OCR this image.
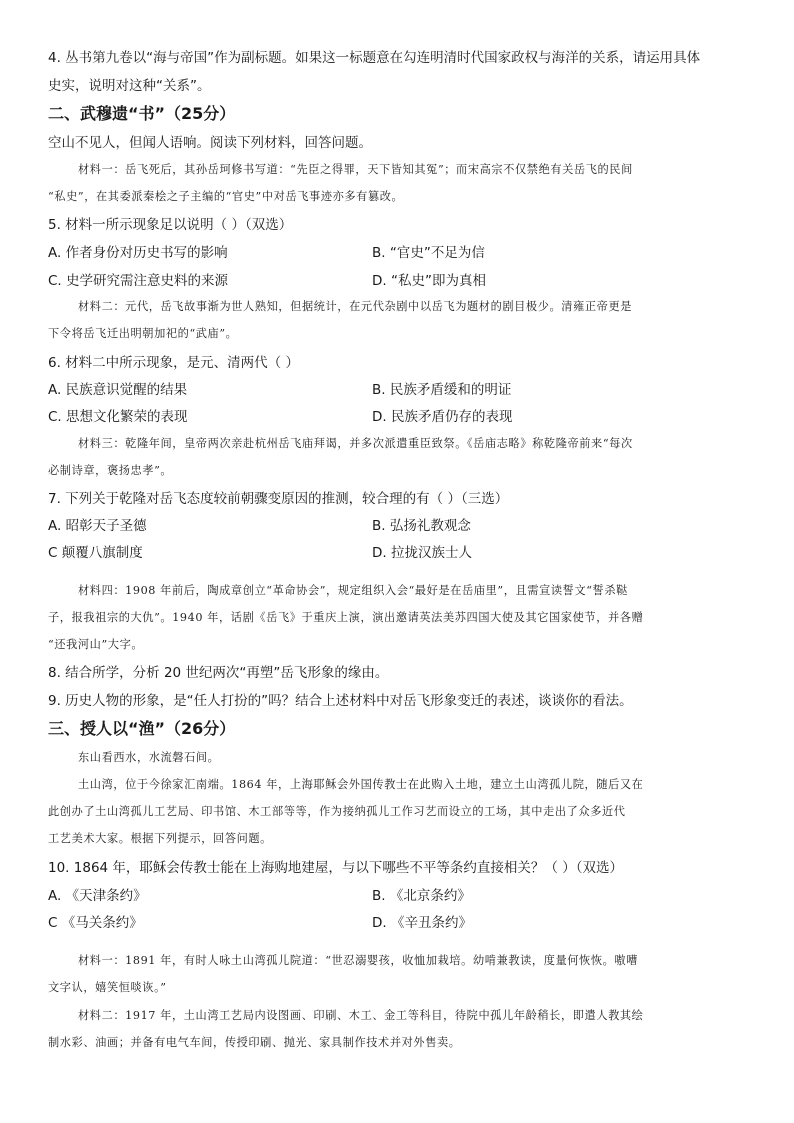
4. 丛书第九卷以“海与帝国”作为副标题。如果这一标题意在勾连明清时代国家政权与海洋的关系，请运用具体
史实，说明对这种“关系”。
二、武穆遗“书”（25分）
空山不见人，但闻人语响。阅读下列材料，回答问题。
材料一：岳飞死后，其孙岳珂修书写道：“先臣之得罪，天下皆知其冤”；而宋高宗不仅禁绝有关岳飞的民间
“私史”，在其委派秦桧之子主编的“官史”中对岳飞事迹亦多有篡改。
5. 材料一所示现象足以说明（ ）（双选）
A. 作者身份对历史书写的影响	B. “官史”不足为信
C. 史学研究需注意史料的来源	D. “私史”即为真相
材料二：元代，岳飞故事渐为世人熟知，但据统计，在元代杂剧中以岳飞为题材的剧目极少。清雍正帝更是
下令将岳飞迁出明朝加祀的“武庙”。
6. 材料二中所示现象，是元、清两代（ ）
A. 民族意识觉醒的结果	B. 民族矛盾缓和的明证
C. 思想文化繁荣的表现	D. 民族矛盾仍存的表现
材料三：乾隆年间，皇帝两次亲赴杭州岳飞庙拜谒，并多次派遣重臣致祭。《岳庙志略》称乾隆帝前来“每次
必制诗章，褒扬忠孝”。
7. 下列关于乾隆对岳飞态度较前朝骤变原因的推测，较合理的有（ ）（三选）
A. 昭彰天子圣德	B. 弘扬礼教观念
C 颠覆八旗制度	D. 拉拢汉族士人
材料四：1908 年前后，陶成章创立“革命协会”，规定组织入会“最好是在岳庙里”，且需宣读誓文“誓杀鞑
子，报我祖宗的大仇”。1940 年，话剧《岳飞》于重庆上演，演出邀请英法美苏四国大使及其它国家使节，并各赠
“还我河山”大字。
8. 结合所学，分析 20 世纪两次“再塑”岳飞形象的缘由。
9. 历史人物的形象，是“任人打扮的”吗？结合上述材料中对岳飞形象变迁的表述，谈谈你的看法。
三、授人以“渔”（26分）
东山看西水，水流磐石间。
土山湾，位于今徐家汇南端。1864 年，上海耶稣会外国传教士在此购入土地，建立土山湾孤儿院，随后又在
此创办了土山湾孤儿工艺局、印书馆、木工部等等，作为接纳孤儿工作习艺而设立的工场，其中走出了众多近代
工艺美术大家。根据下列提示，回答问题。
10. 1864 年，耶稣会传教士能在上海购地建屋，与以下哪些不平等条约直接相关？（ ）（双选）
A. 《天津条约》	B. 《北京条约》
C 《马关条约》	D. 《辛丑条约》
材料一：1891 年，有时人咏土山湾孤儿院道：“世忍溺婴孩，收恤加栽培。幼啃兼教读，度量何恢恢。嗷嘈
文字认，嬉笑恒啖诙。”
材料二：1917 年，土山湾工艺局内设图画、印刷、木工、金工等科目，待院中孤儿年龄稍长，即遣人教其绘
制水彩、油画；并备有电气车间，传授印刷、抛光、家具制作技术并对外售卖。
